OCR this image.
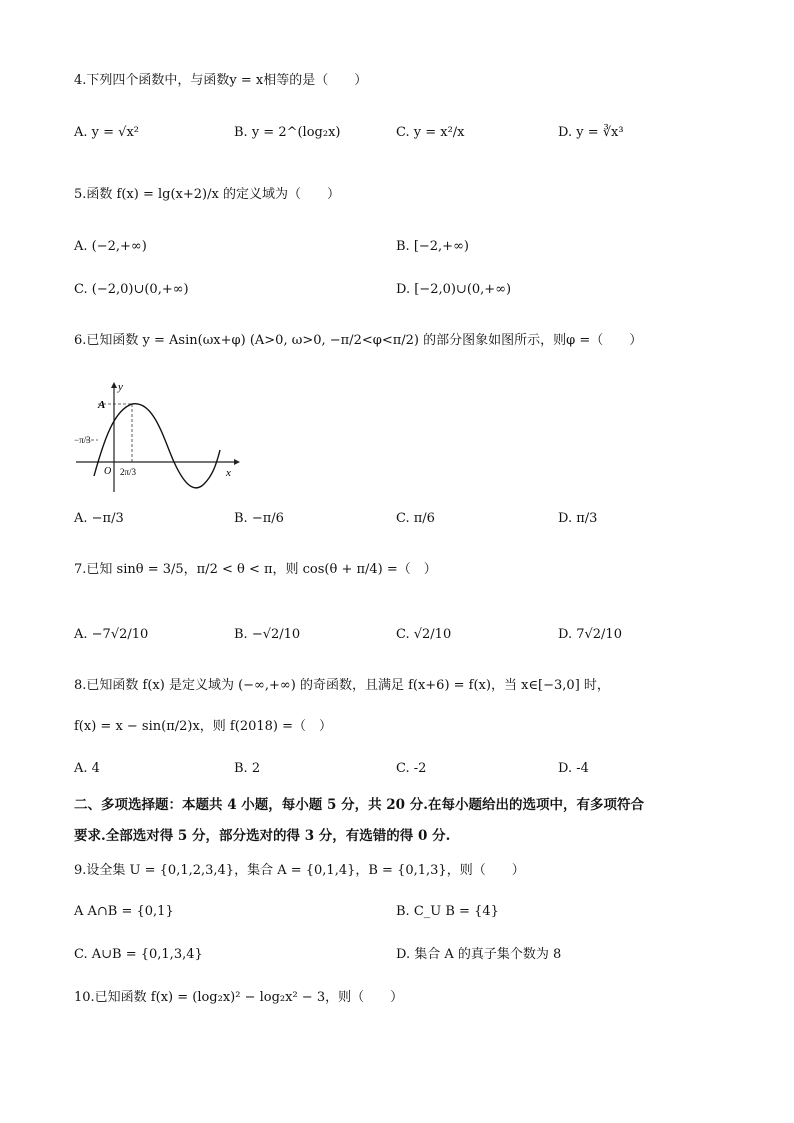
4.下列四个函数中，与函数y = x相等的是（　　）
A. y = √x²	B. y = 2^(log₂x)	C. y = x²/x	D. y = ∛x³
5.函数 f(x) = lg(x+2)/x 的定义域为（　　）
A. (−2,+∞)	B. [−2,+∞)
C. (−2,0)∪(0,+∞)	D. [−2,0)∪(0,+∞)
6.已知函数 y = Asin(ωx+φ) (A>0, ω>0, −π/2<φ<π/2) 的部分图象如图所示，则φ =（　　）
y
x
A
O
−π/3
2π/3
A. −π/3	B. −π/6	C. π/6	D. π/3
7.已知 sinθ = 3/5，π/2 < θ < π，则 cos(θ + π/4) =（　）
A. −7√2/10	B. −√2/10	C. √2/10	D. 7√2/10
8.已知函数 f(x) 是定义域为 (−∞,+∞) 的奇函数，且满足 f(x+6) = f(x)，当 x∈[−3,0] 时，
f(x) = x − sin(π/2)x，则 f(2018) =（　）
A. 4	B. 2	C. -2	D. -4
二、多项选择题：本题共 4 小题，每小题 5 分，共 20 分.在每小题给出的选项中，有多项符合
要求.全部选对得 5 分，部分选对的得 3 分，有选错的得 0 分.
9.设全集 U = {0,1,2,3,4}，集合 A = {0,1,4}，B = {0,1,3}，则（　　）
A A∩B = {0,1}	B. C_U B = {4}
C. A∪B = {0,1,3,4}	D. 集合 A 的真子集个数为 8
10.已知函数 f(x) = (log₂x)² − log₂x² − 3，则（　　）
